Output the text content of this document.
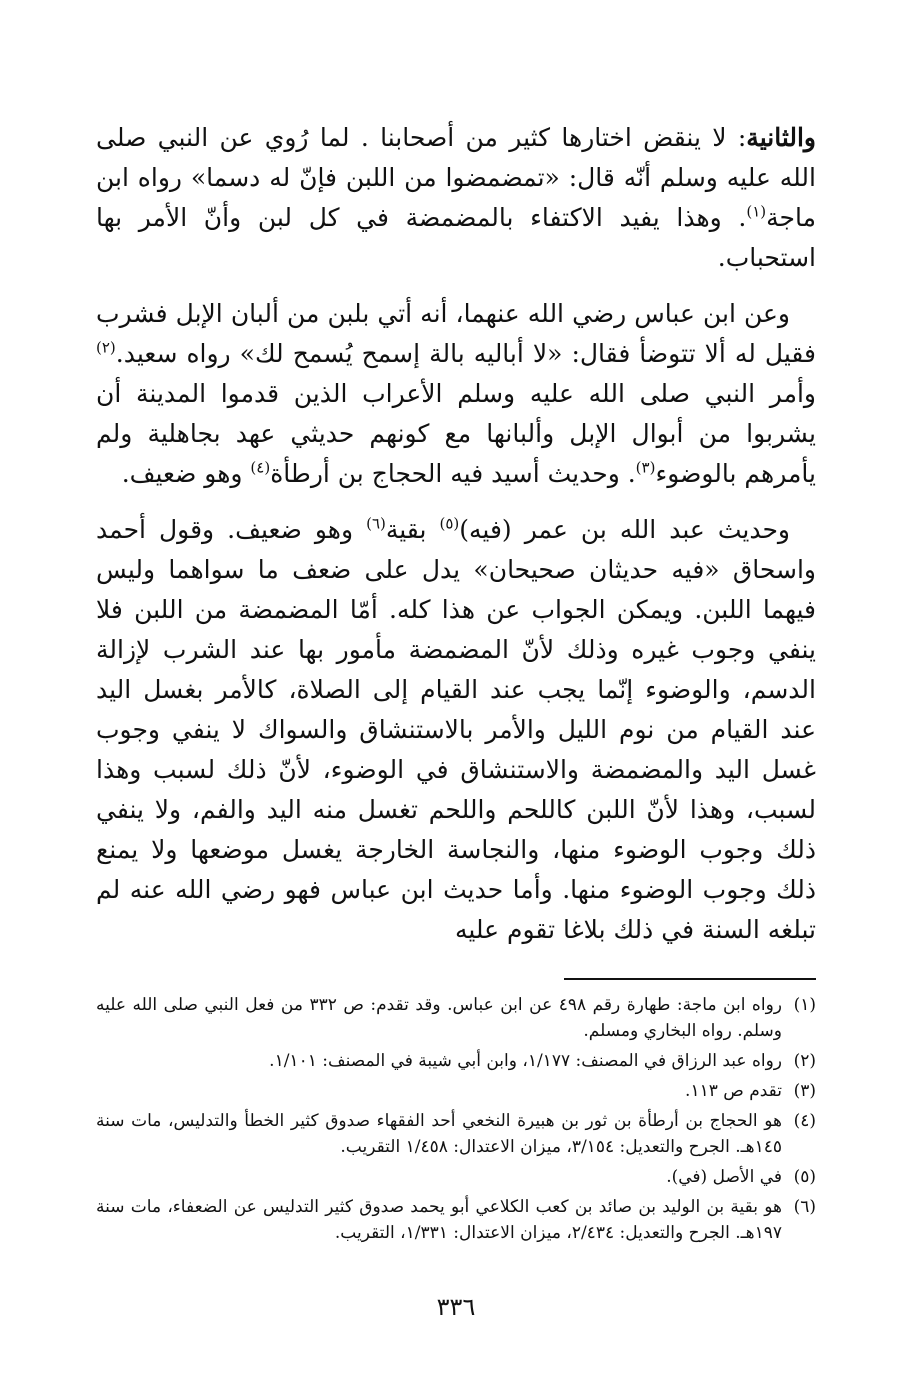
والثانية: لا ينقض اختارها كثير من أصحابنا . لما رُوي عن النبي صلى الله عليه وسلم أنّه قال: «تمضمضوا من اللبن فإنّ له دسما» رواه ابن ماجة$^{(١)}$. وهذا يفيد الاكتفاء بالمضمضة في كل لبن وأنّ الأمر بها استحباب.

وعن ابن عباس رضي الله عنهما، أنه أتي بلبن من ألبان الإبل فشرب فقيل له ألا تتوضأ فقال: «لا أباليه بالة إسمح يُسمح لك» رواه سعيد.$^{(٢)}$ وأمر النبي صلى الله عليه وسلم الأعراب الذين قدموا المدينة أن يشربوا من أبوال الإبل وألبانها مع كونهم حديثي عهد بجاهلية ولم يأمرهم بالوضوء$^{(٣)}$. وحديث أسيد فيه الحجاج بن أرطأة$^{(٤)}$ وهو ضعيف.

وحديث عبد الله بن عمر (فيه)$^{(٥)}$ بقية$^{(٦)}$ وهو ضعيف. وقول أحمد واسحاق «فيه حديثان صحيحان» يدل على ضعف ما سواهما وليس فيهما اللبن. ويمكن الجواب عن هذا كله. أمّا المضمضة من اللبن فلا ينفي وجوب غيره وذلك لأنّ المضمضة مأمور بها عند الشرب لإزالة الدسم، والوضوء إنّما يجب عند القيام إلى الصلاة، كالأمر بغسل اليد عند القيام من نوم الليل والأمر بالاستنشاق والسواك لا ينفي وجوب غسل اليد والمضمضة والاستنشاق في الوضوء، لأنّ ذلك لسبب وهذا لسبب، وهذا لأنّ اللبن كاللحم واللحم تغسل منه اليد والفم، ولا ينفي ذلك وجوب الوضوء منها، والنجاسة الخارجة يغسل موضعها ولا يمنع ذلك وجوب الوضوء منها. وأما حديث ابن عباس فهو رضي الله عنه لم تبلغه السنة في ذلك بلاغا تقوم عليه

(١)
رواه ابن ماجة: طهارة رقم ٤٩٨ عن ابن عباس. وقد تقدم: ص ٣٣٢ من فعل النبي صلى الله عليه وسلم. رواه البخاري ومسلم.

(٢)
رواه عبد الرزاق في المصنف: ١/١٧٧، وابن أبي شيبة في المصنف: ١/١٠١.

(٣)
تقدم ص ١١٣.

(٤)
هو الحجاج بن أرطأة بن ثور بن هبيرة النخعي أحد الفقهاء صدوق كثير الخطأ والتدليس، مات سنة ١٤٥هـ. الجرح والتعديل: ٣/١٥٤، ميزان الاعتدال: ١/٤٥٨ التقريب.

(٥)
في الأصل (في).

(٦)
هو بقية بن الوليد بن صائد بن كعب الكلاعي أبو يحمد صدوق كثير التدليس عن الضعفاء، مات سنة ١٩٧هـ. الجرح والتعديل: ٢/٤٣٤، ميزان الاعتدال: ١/٣٣١، التقريب.

٣٣٦
